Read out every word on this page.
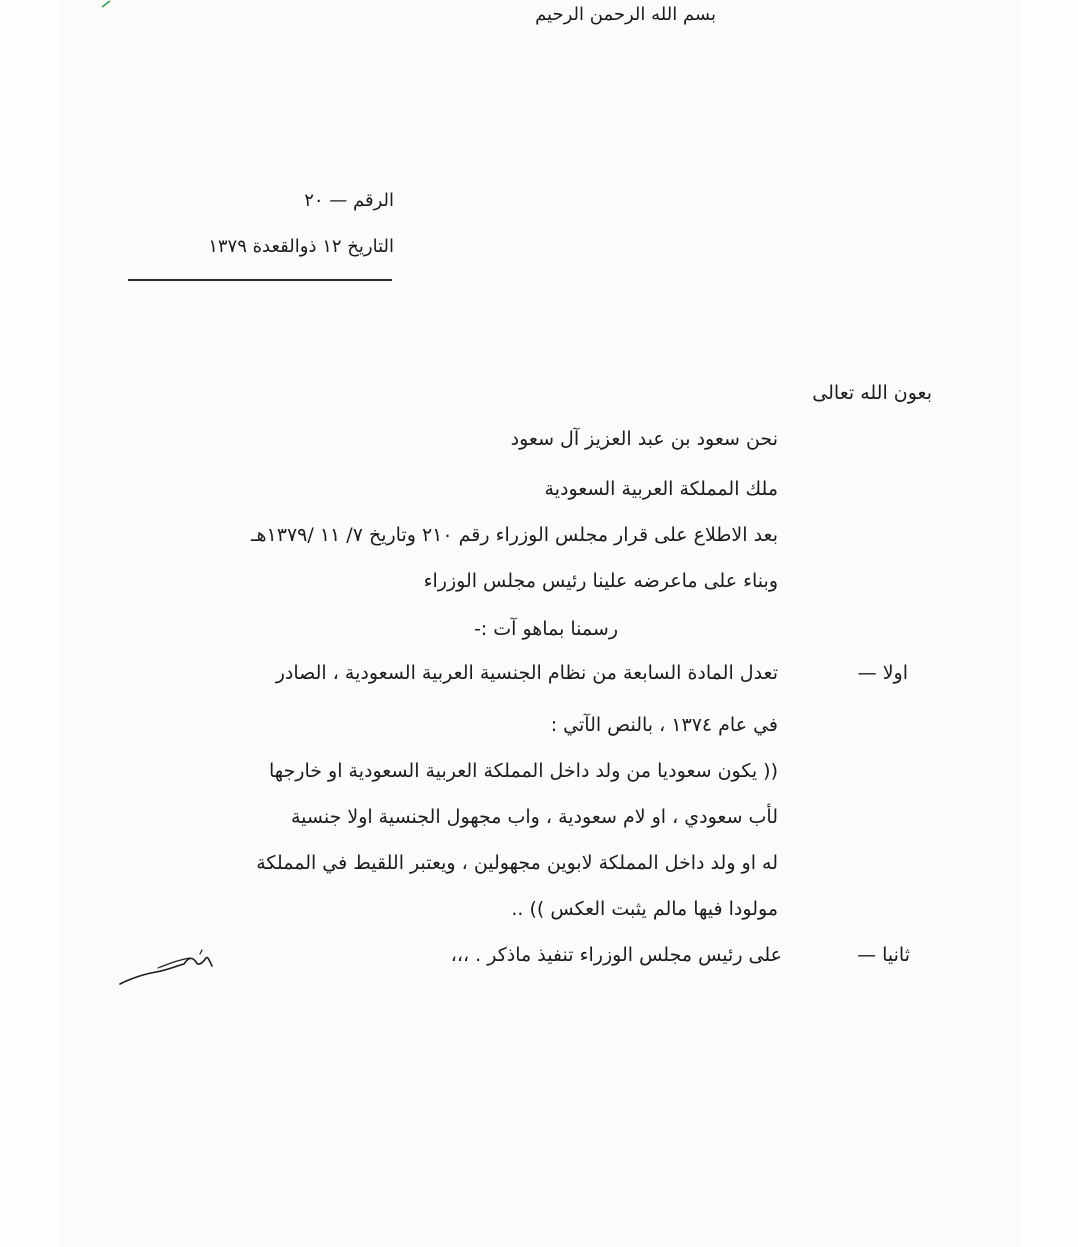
بسم الله الرحمن الرحيم
الرقم — ٢٠
التاريخ ١٢ ذوالقعدة ١٣٧٩
بعون الله تعالى
نحن سعود بن عبد العزيز آل سعود
ملك المملكة العربية السعودية
بعد الاطلاع على قرار مجلس الوزراء رقم ٢١٠ وتاريخ ٧/ ١١ /١٣٧٩هـ
وبناء على ماعرضه علينا رئيس مجلس الوزراء
رسمنا بماهو آت :-
اولا —
تعدل المادة السابعة من نظام الجنسية العربية السعودية ، الصادر
في عام ١٣٧٤ ، بالنص الآتي :
(( يكون سعوديا من ولد داخل المملكة العربية السعودية او خارجها
لأب سعودي ، او لام سعودية ، واب مجهول الجنسية اولا جنسية
له او ولد داخل المملكة لابوين مجهولين ، ويعتبر اللقيط في المملكة
مولودا فيها مالم يثبت العكس )) ..
ثانيا —
على رئيس مجلس الوزراء تنفيذ ماذكر . ،،،
